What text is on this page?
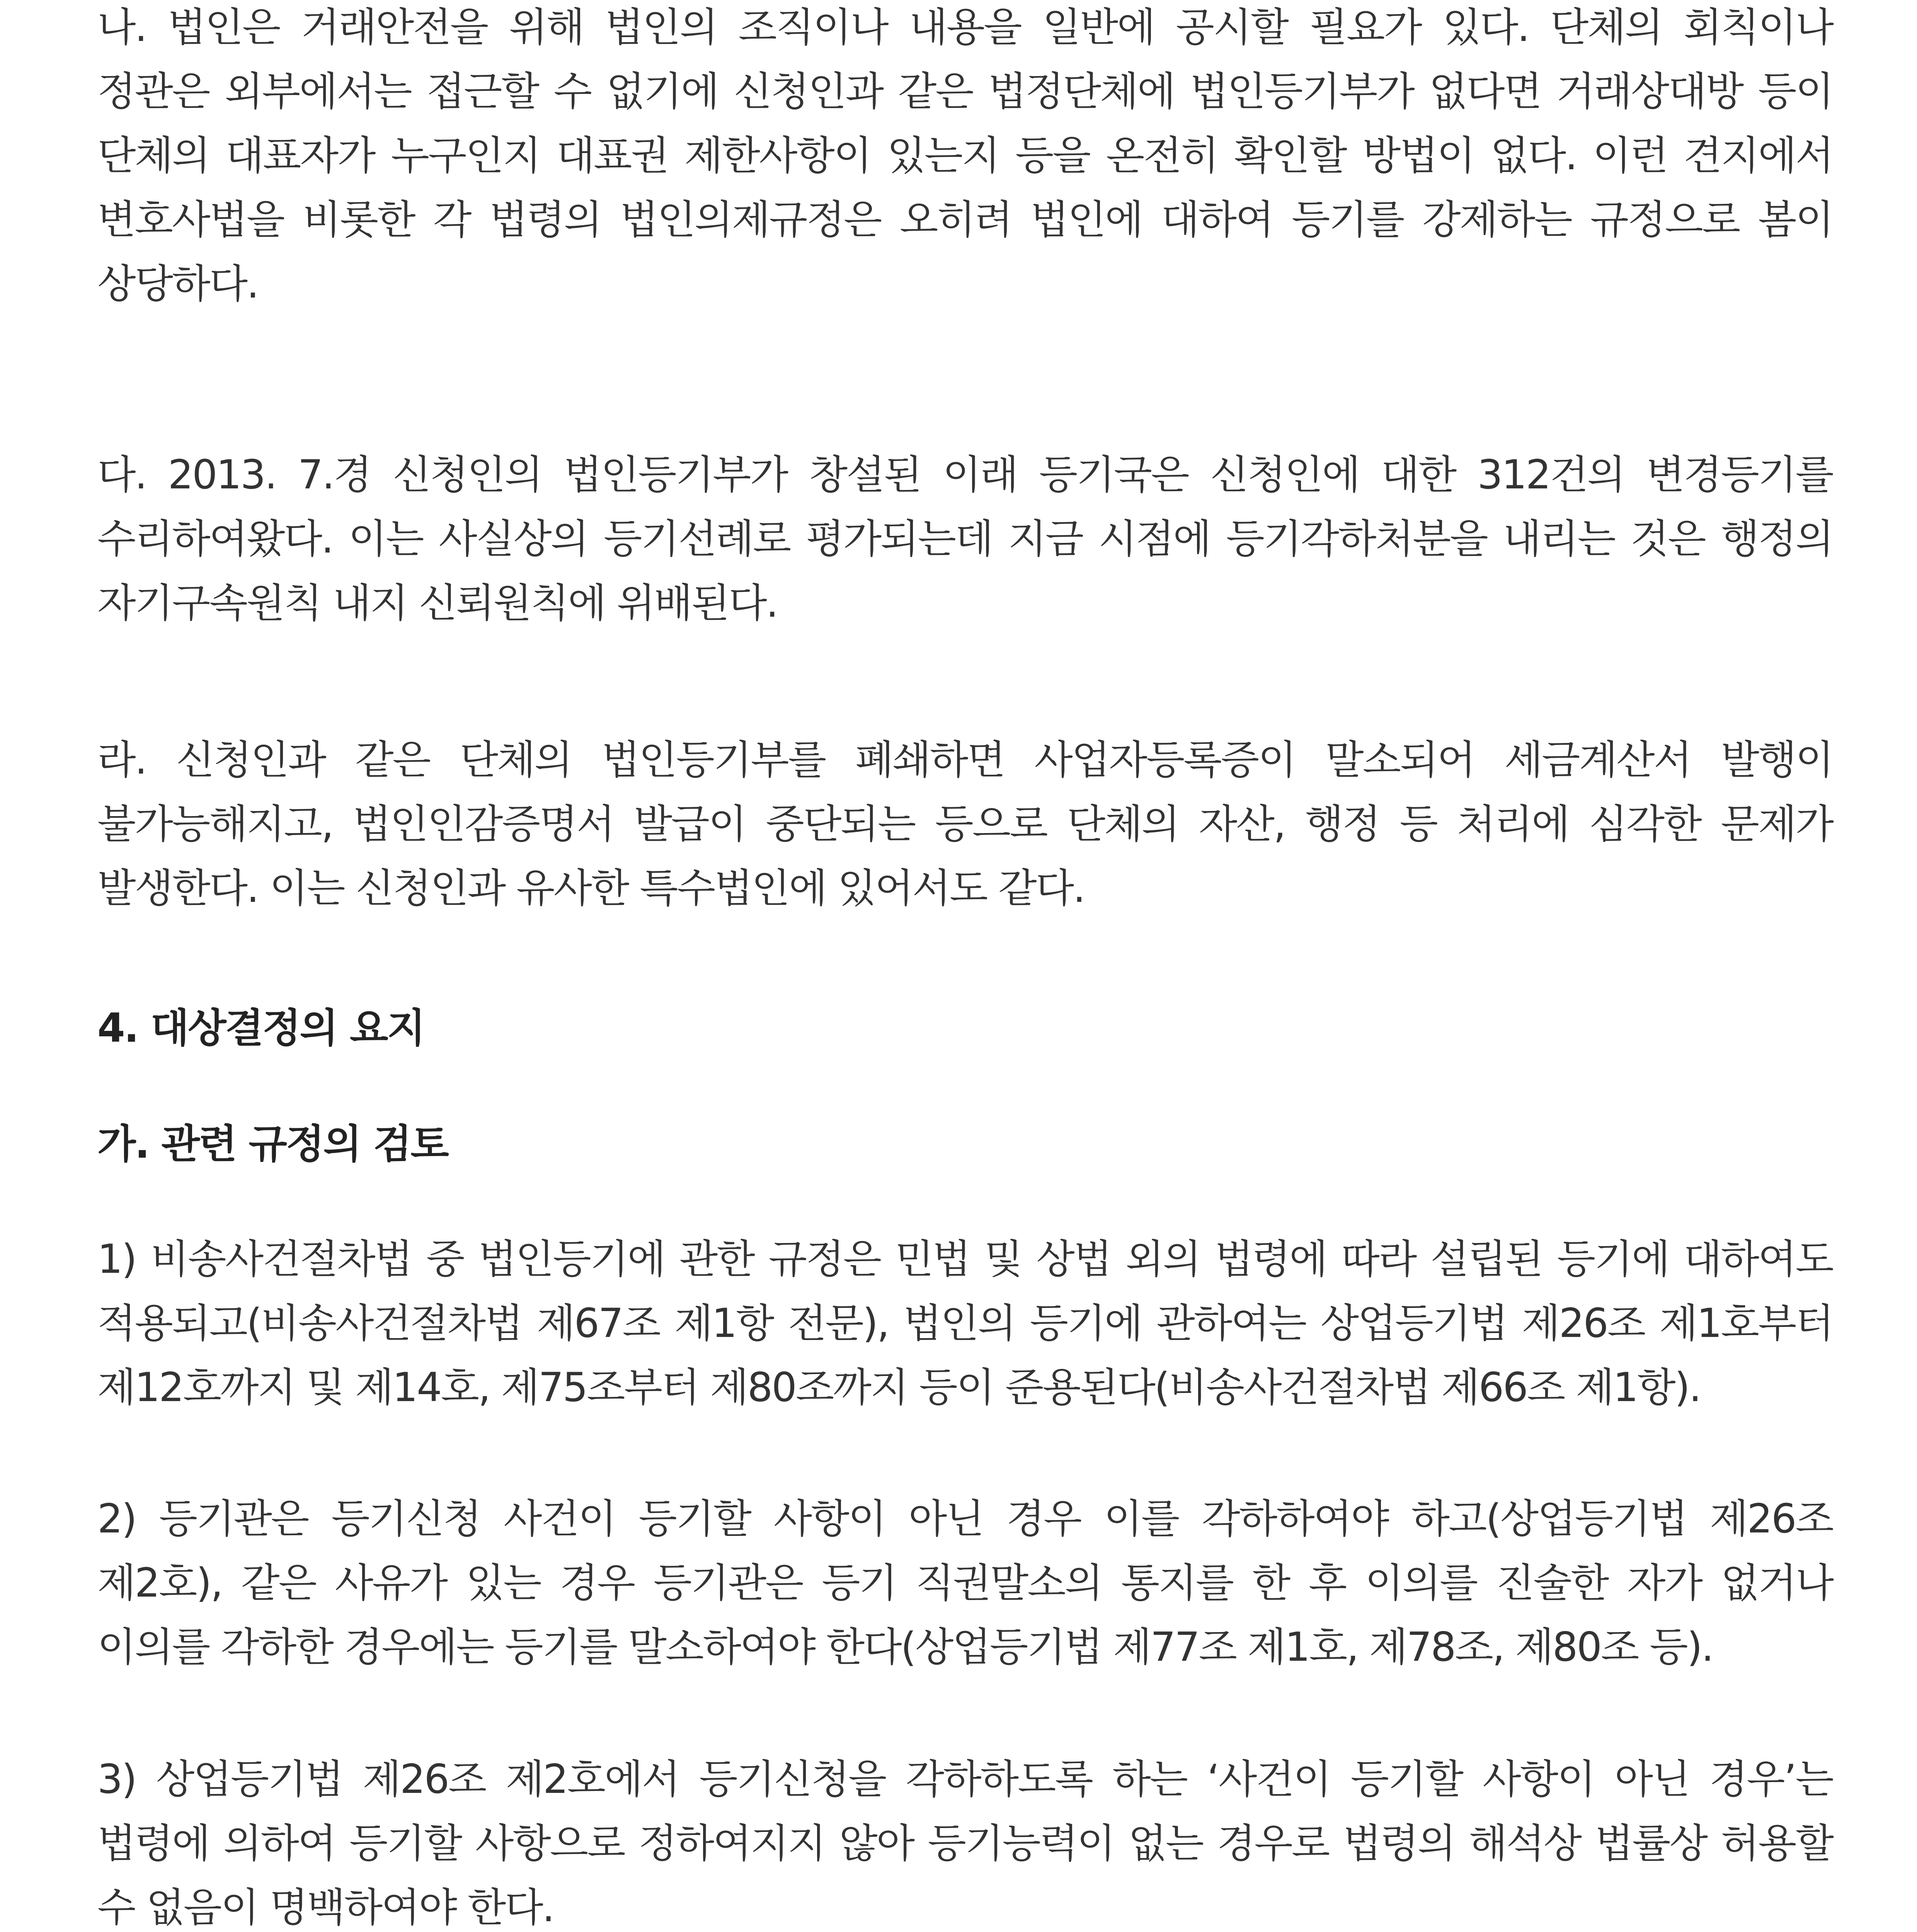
나. 법인은 거래안전을 위해 법인의 조직이나 내용을 일반에 공시할 필요가 있다. 단체의 회칙이나 정관은 외부에서는 접근할 수 없기에 신청인과 같은 법정단체에 법인등기부가 없다면 거래상대방 등이 단체의 대표자가 누구인지 대표권 제한사항이 있는지 등을 온전히 확인할 방법이 없다. 이런 견지에서 변호사법을 비롯한 각 법령의 법인의제규정은 오히려 법인에 대하여 등기를 강제하는 규정으로 봄이 상당하다.

다. 2013. 7.경 신청인의 법인등기부가 창설된 이래 등기국은 신청인에 대한 312건의 변경등기를 수리하여왔다. 이는 사실상의 등기선례로 평가되는데 지금 시점에 등기각하처분을 내리는 것은 행정의 자기구속원칙 내지 신뢰원칙에 위배된다.

라. 신청인과 같은 단체의 법인등기부를 폐쇄하면 사업자등록증이 말소되어 세금계산서 발행이 불가능해지고, 법인인감증명서 발급이 중단되는 등으로 단체의 자산, 행정 등 처리에 심각한 문제가 발생한다. 이는 신청인과 유사한 특수법인에 있어서도 같다.

4. 대상결정의 요지
가. 관련 규정의 검토

1) 비송사건절차법 중 법인등기에 관한 규정은 민법 및 상법 외의 법령에 따라 설립된 등기에 대하여도 적용되고(비송사건절차법 제67조 제1항 전문), 법인의 등기에 관하여는 상업등기법 제26조 제1호부터 제12호까지 및 제14호, 제75조부터 제80조까지 등이 준용된다(비송사건절차법 제66조 제1항).

2) 등기관은 등기신청 사건이 등기할 사항이 아닌 경우 이를 각하하여야 하고(상업등기법 제26조 제2호), 같은 사유가 있는 경우 등기관은 등기 직권말소의 통지를 한 후 이의를 진술한 자가 없거나 이의를 각하한 경우에는 등기를 말소하여야 한다(상업등기법 제77조 제1호, 제78조, 제80조 등).

3) 상업등기법 제26조 제2호에서 등기신청을 각하하도록 하는 ‘사건이 등기할 사항이 아닌 경우’는 법령에 의하여 등기할 사항으로 정하여지지 않아 등기능력이 없는 경우로 법령의 해석상 법률상 허용할 수 없음이 명백하여야 한다.
